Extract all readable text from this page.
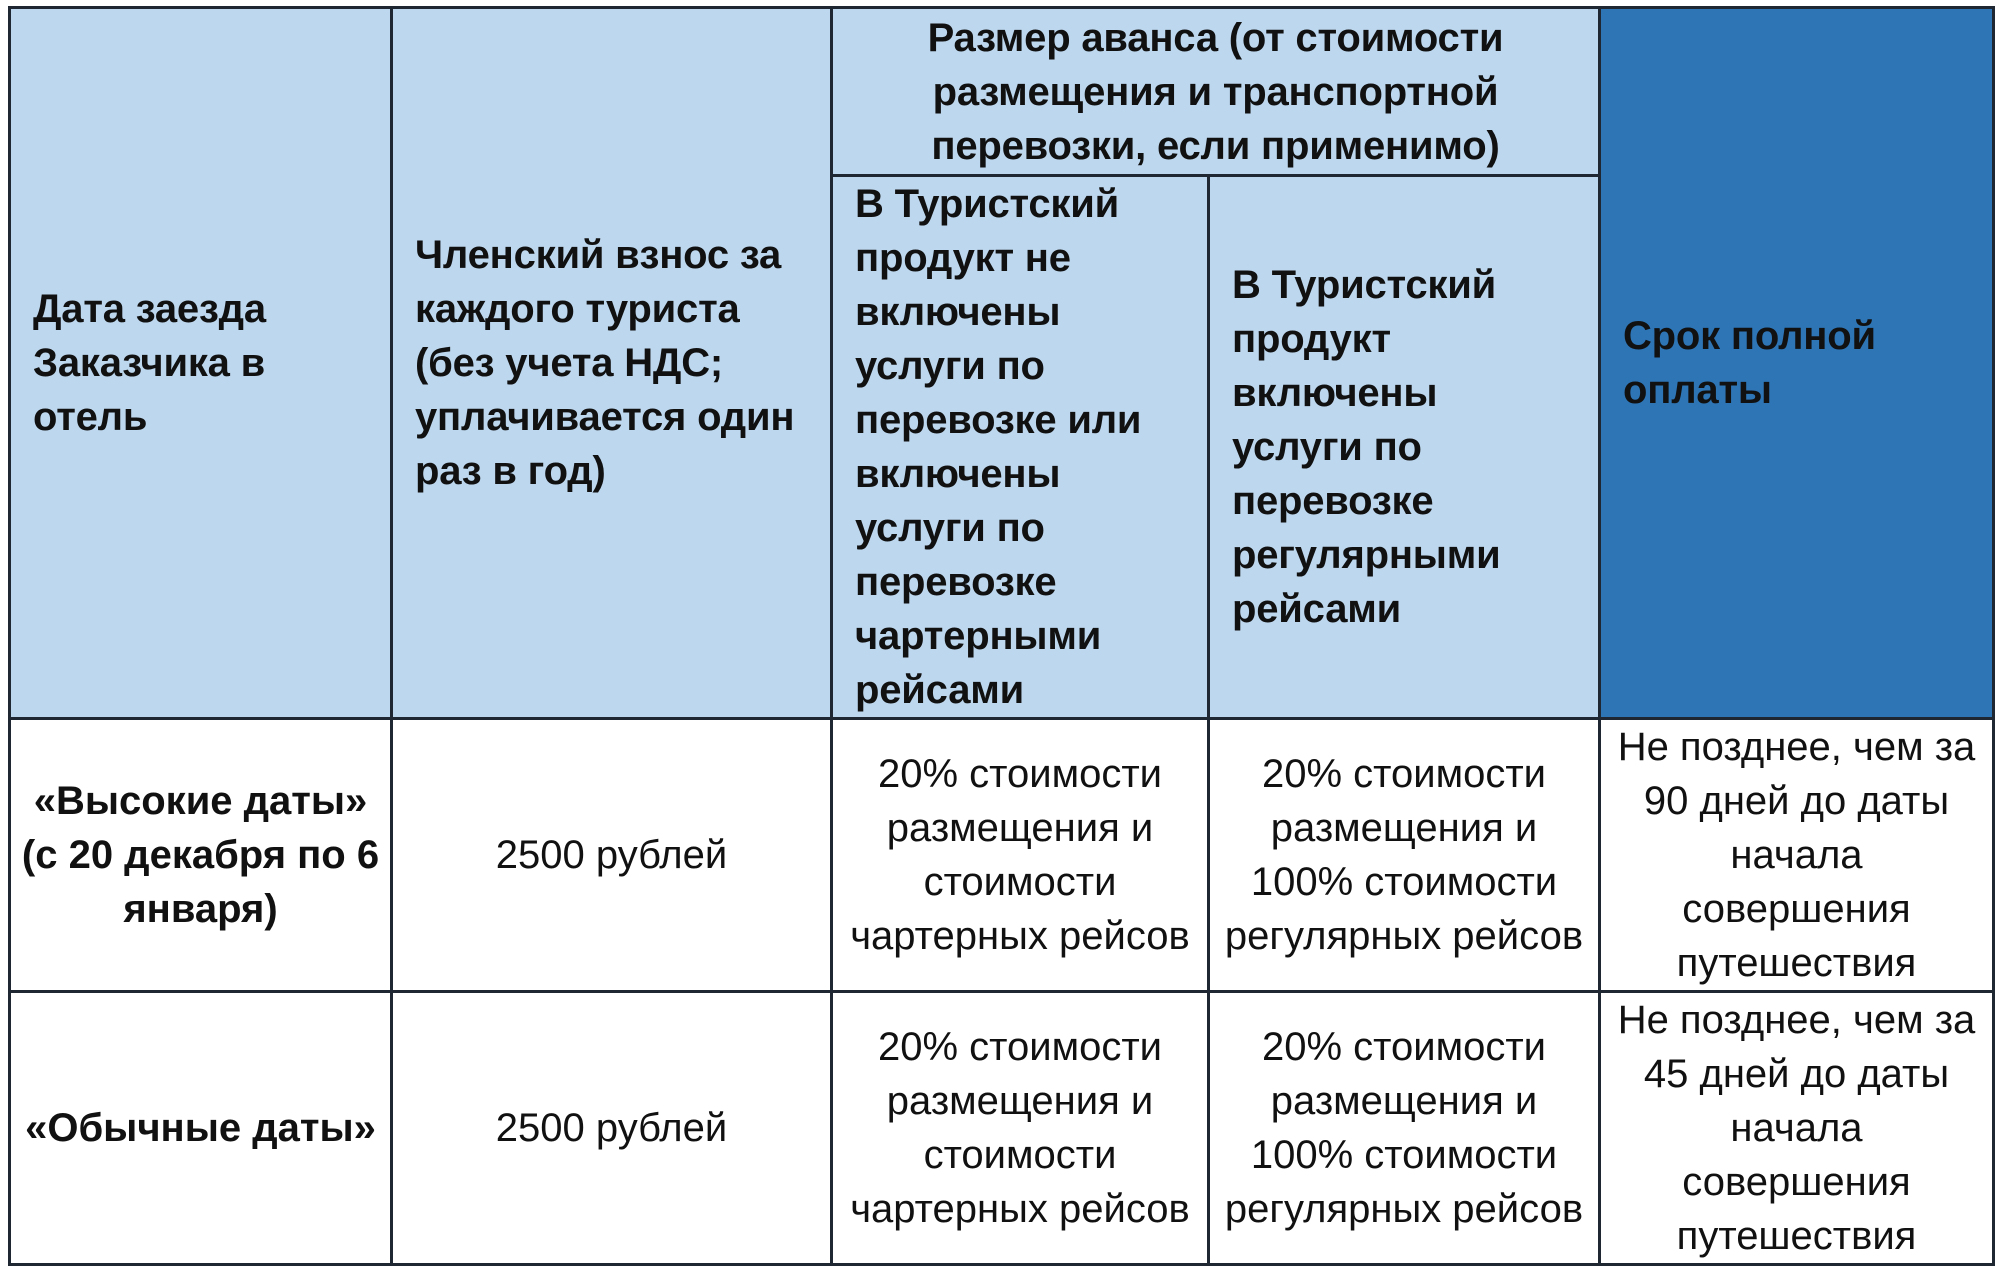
Дата заезда Заказчика в отель	Членский взнос за каждого туриста (без учета НДС; уплачивается один раз в год)	Размер аванса (от стоимости размещения и транспортной перевозки, если применимо)		Срок полной оплаты

		В Туристский продукт не включены услуги по перевозке или включены услуги по перевозке чартерными рейсами	В Туристский продукт включены услуги по перевозке регулярными рейсами	

«Высокие даты» (с 20 декабря по 6 января)	2500 рублей	20% стоимости размещения и стоимости чартерных рейсов	20% стоимости размещения и 100% стоимости регулярных рейсов	Не позднее, чем за 90 дней до даты начала совершения путешествия

«Обычные даты»	2500 рублей	20% стоимости размещения и стоимости чартерных рейсов	20% стоимости размещения и 100% стоимости регулярных рейсов	Не позднее, чем за 45 дней до даты начала совершения путешествия
